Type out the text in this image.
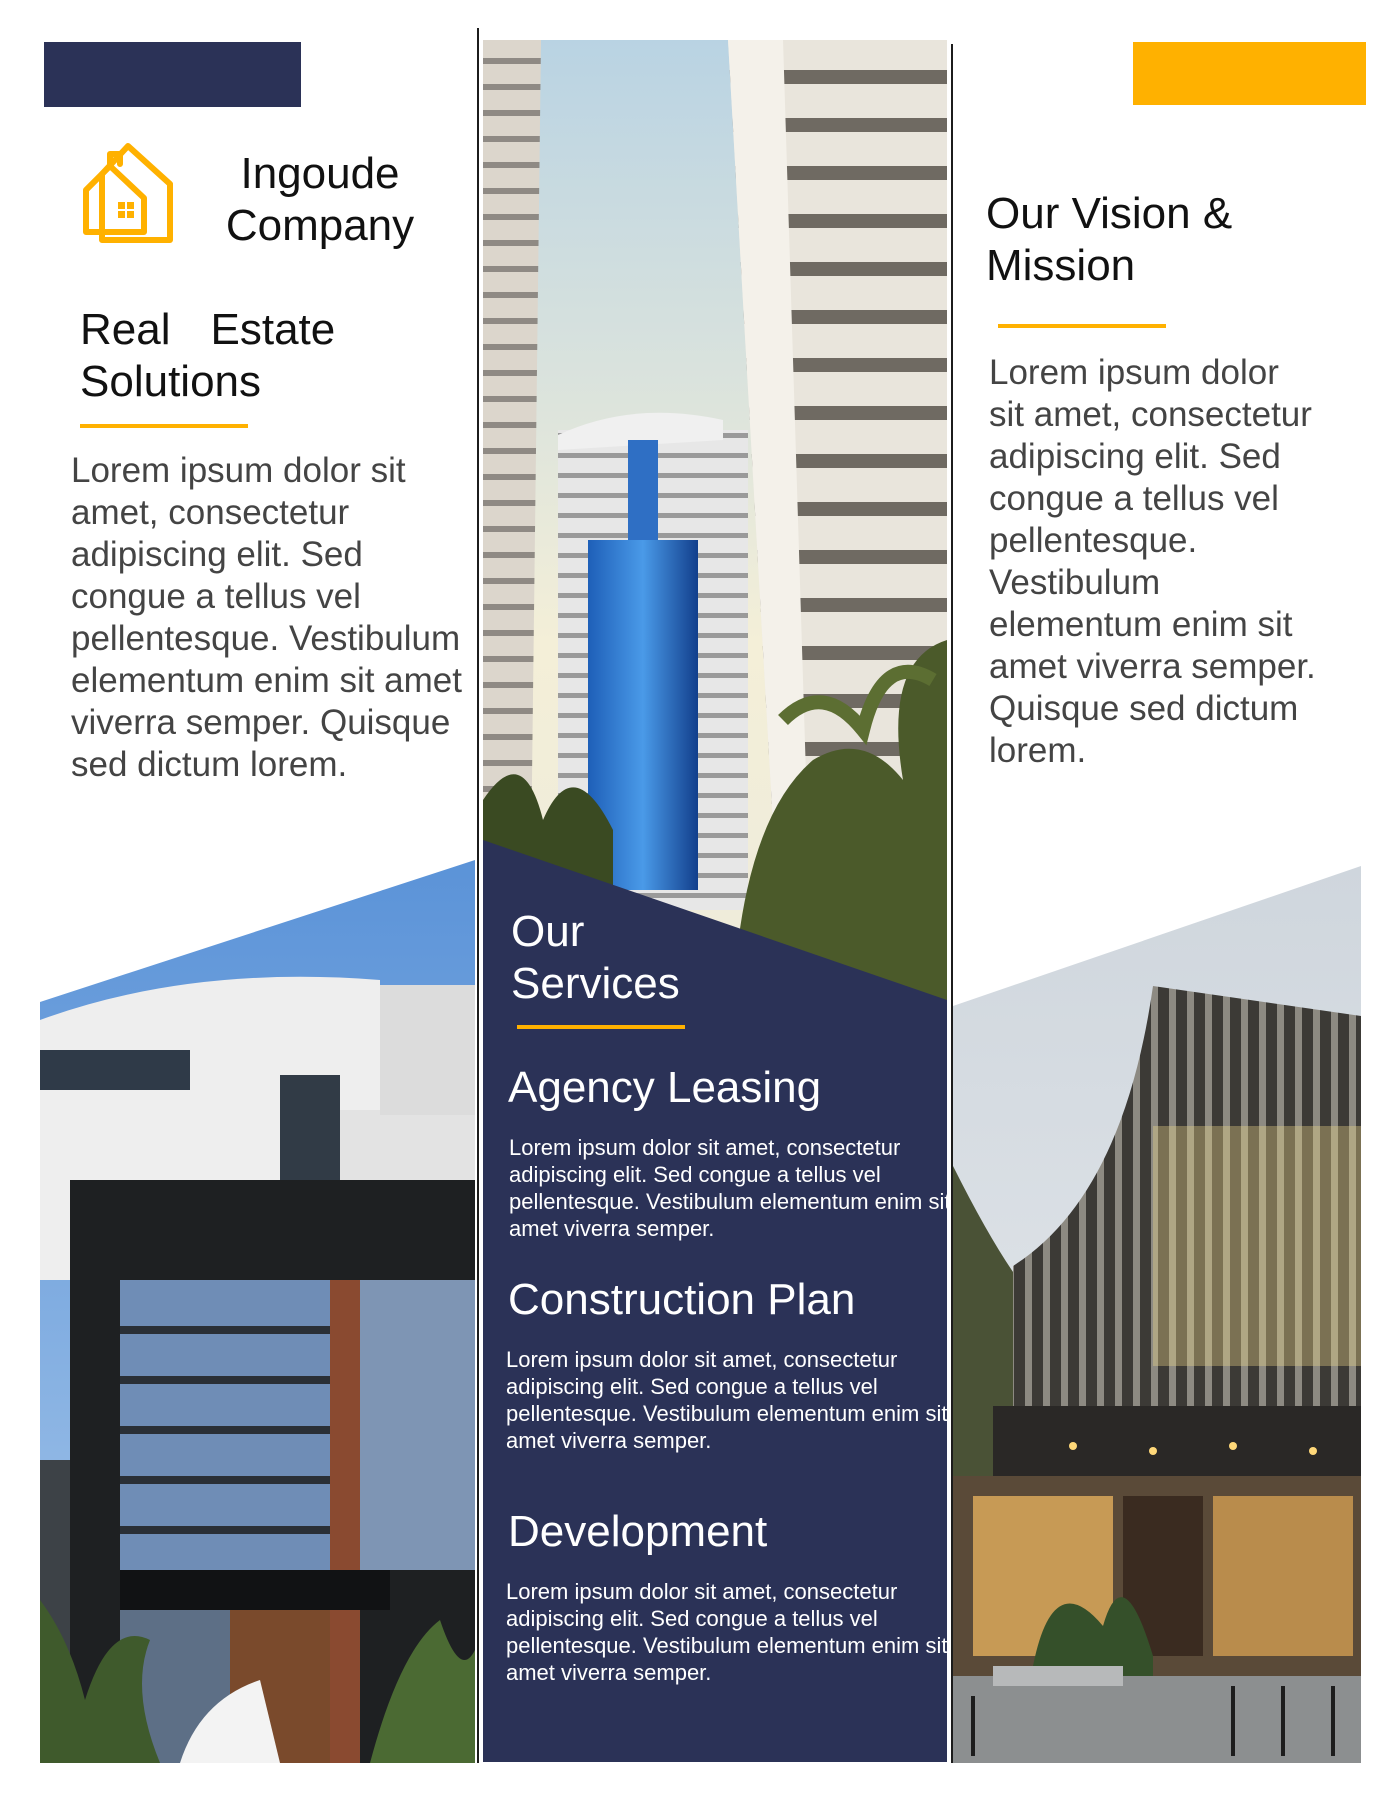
Ingoude
Company
Real Estate
Solutions
Lorem ipsum dolor sit amet, consectetur adipiscing elit. Sed congue a tellus vel pellentesque. Vestibulum elementum enim sit amet viverra semper. Quisque sed dictum lorem.
Our
Services
Agency Leasing
Lorem ipsum dolor sit amet, consectetur adipiscing elit. Sed congue a tellus vel pellentesque. Vestibulum elementum enim sit amet viverra semper.
Construction Plan
Lorem ipsum dolor sit amet, consectetur adipiscing elit. Sed congue a tellus vel pellentesque. Vestibulum elementum enim sit amet viverra semper.
Development
Lorem ipsum dolor sit amet, consectetur adipiscing elit. Sed congue a tellus vel pellentesque. Vestibulum elementum enim sit amet viverra semper.
Our Vision &
Mission
Lorem ipsum dolor sit amet, consectetur adipiscing elit. Sed congue a tellus vel pellentesque. Vestibulum elementum enim sit amet viverra semper. Quisque sed dictum lorem.
